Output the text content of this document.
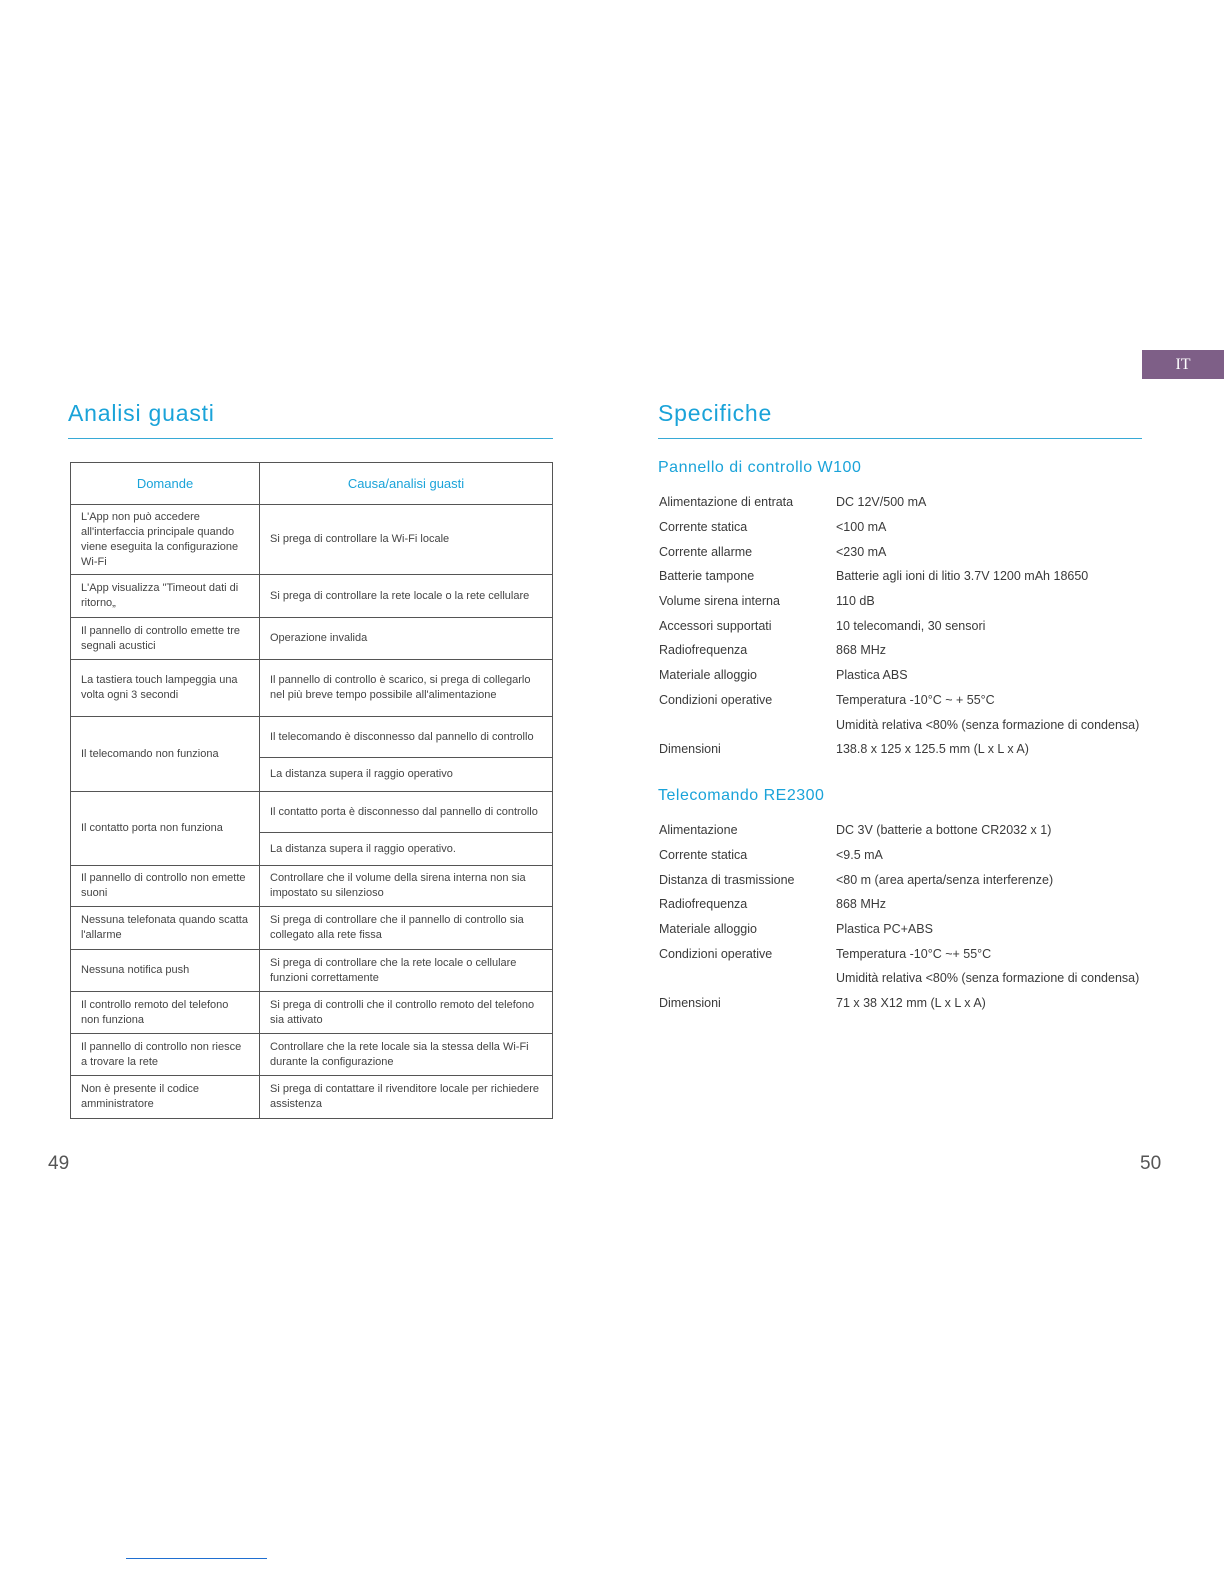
IT
Analisi guasti
Domande	Causa/analisi guasti
L'App non può accedere all'interfaccia principale quando viene eseguita la configurazione Wi-Fi	Si prega di controllare la Wi-Fi locale
L'App visualizza "Timeout dati di ritorno„	Si prega di controllare la rete locale o la rete cellulare
Il pannello di controllo emette tre segnali acustici	Operazione invalida
La tastiera touch lampeggia una volta ogni 3 secondi	Il pannello di controllo è scarico, si prega di collegarlo nel più breve tempo possibile all'alimentazione
Il telecomando non funziona	Il telecomando è disconnesso dal pannello di controllo
	La distanza supera il raggio operativo
Il contatto porta non funziona	Il contatto porta è disconnesso dal pannello di controllo
	La distanza supera il raggio operativo.
Il pannello di controllo non emette suoni	Controllare che il volume della sirena interna non sia impostato su silenzioso
Nessuna telefonata quando scatta l'allarme	Si prega di controllare che il pannello di controllo sia collegato alla rete fissa
Nessuna notifica push	Si prega di controllare che la rete locale o cellulare funzioni correttamente
Il controllo remoto del telefono non funziona	Si prega di controlli che il controllo remoto del telefono sia attivato
Il pannello di controllo non riesce a trovare la rete	Controllare che la rete locale sia la stessa della Wi-Fi durante la configurazione
Non è presente il codice amministratore	Si prega di contattare il rivenditore locale per richiedere assistenza
49
Specifiche
Pannello di controllo W100
Alimentazione di entrata	DC 12V/500 mA
Corrente statica	<100 mA
Corrente allarme	<230 mA
Batterie tampone	Batterie agli ioni di litio 3.7V 1200 mAh 18650
Volume sirena interna	110 dB
Accessori supportati	10 telecomandi, 30 sensori
Radiofrequenza	868 MHz
Materiale alloggio	Plastica ABS
Condizioni operative	Temperatura -10°C ~ + 55°C
Umidità relativa <80% (senza formazione di condensa)
Dimensioni	138.8 x 125 x 125.5 mm (L x L x A)
Telecomando RE2300
Alimentazione	DC 3V (batterie a bottone CR2032 x 1)
Corrente statica	<9.5 mA
Distanza di trasmissione	<80 m (area aperta/senza interferenze)
Radiofrequenza	868 MHz
Materiale alloggio	Plastica PC+ABS
Condizioni operative	Temperatura -10°C ~+ 55°C
Umidità relativa <80% (senza formazione di condensa)
Dimensioni	71 x 38 X12 mm (L x L x A)
50
